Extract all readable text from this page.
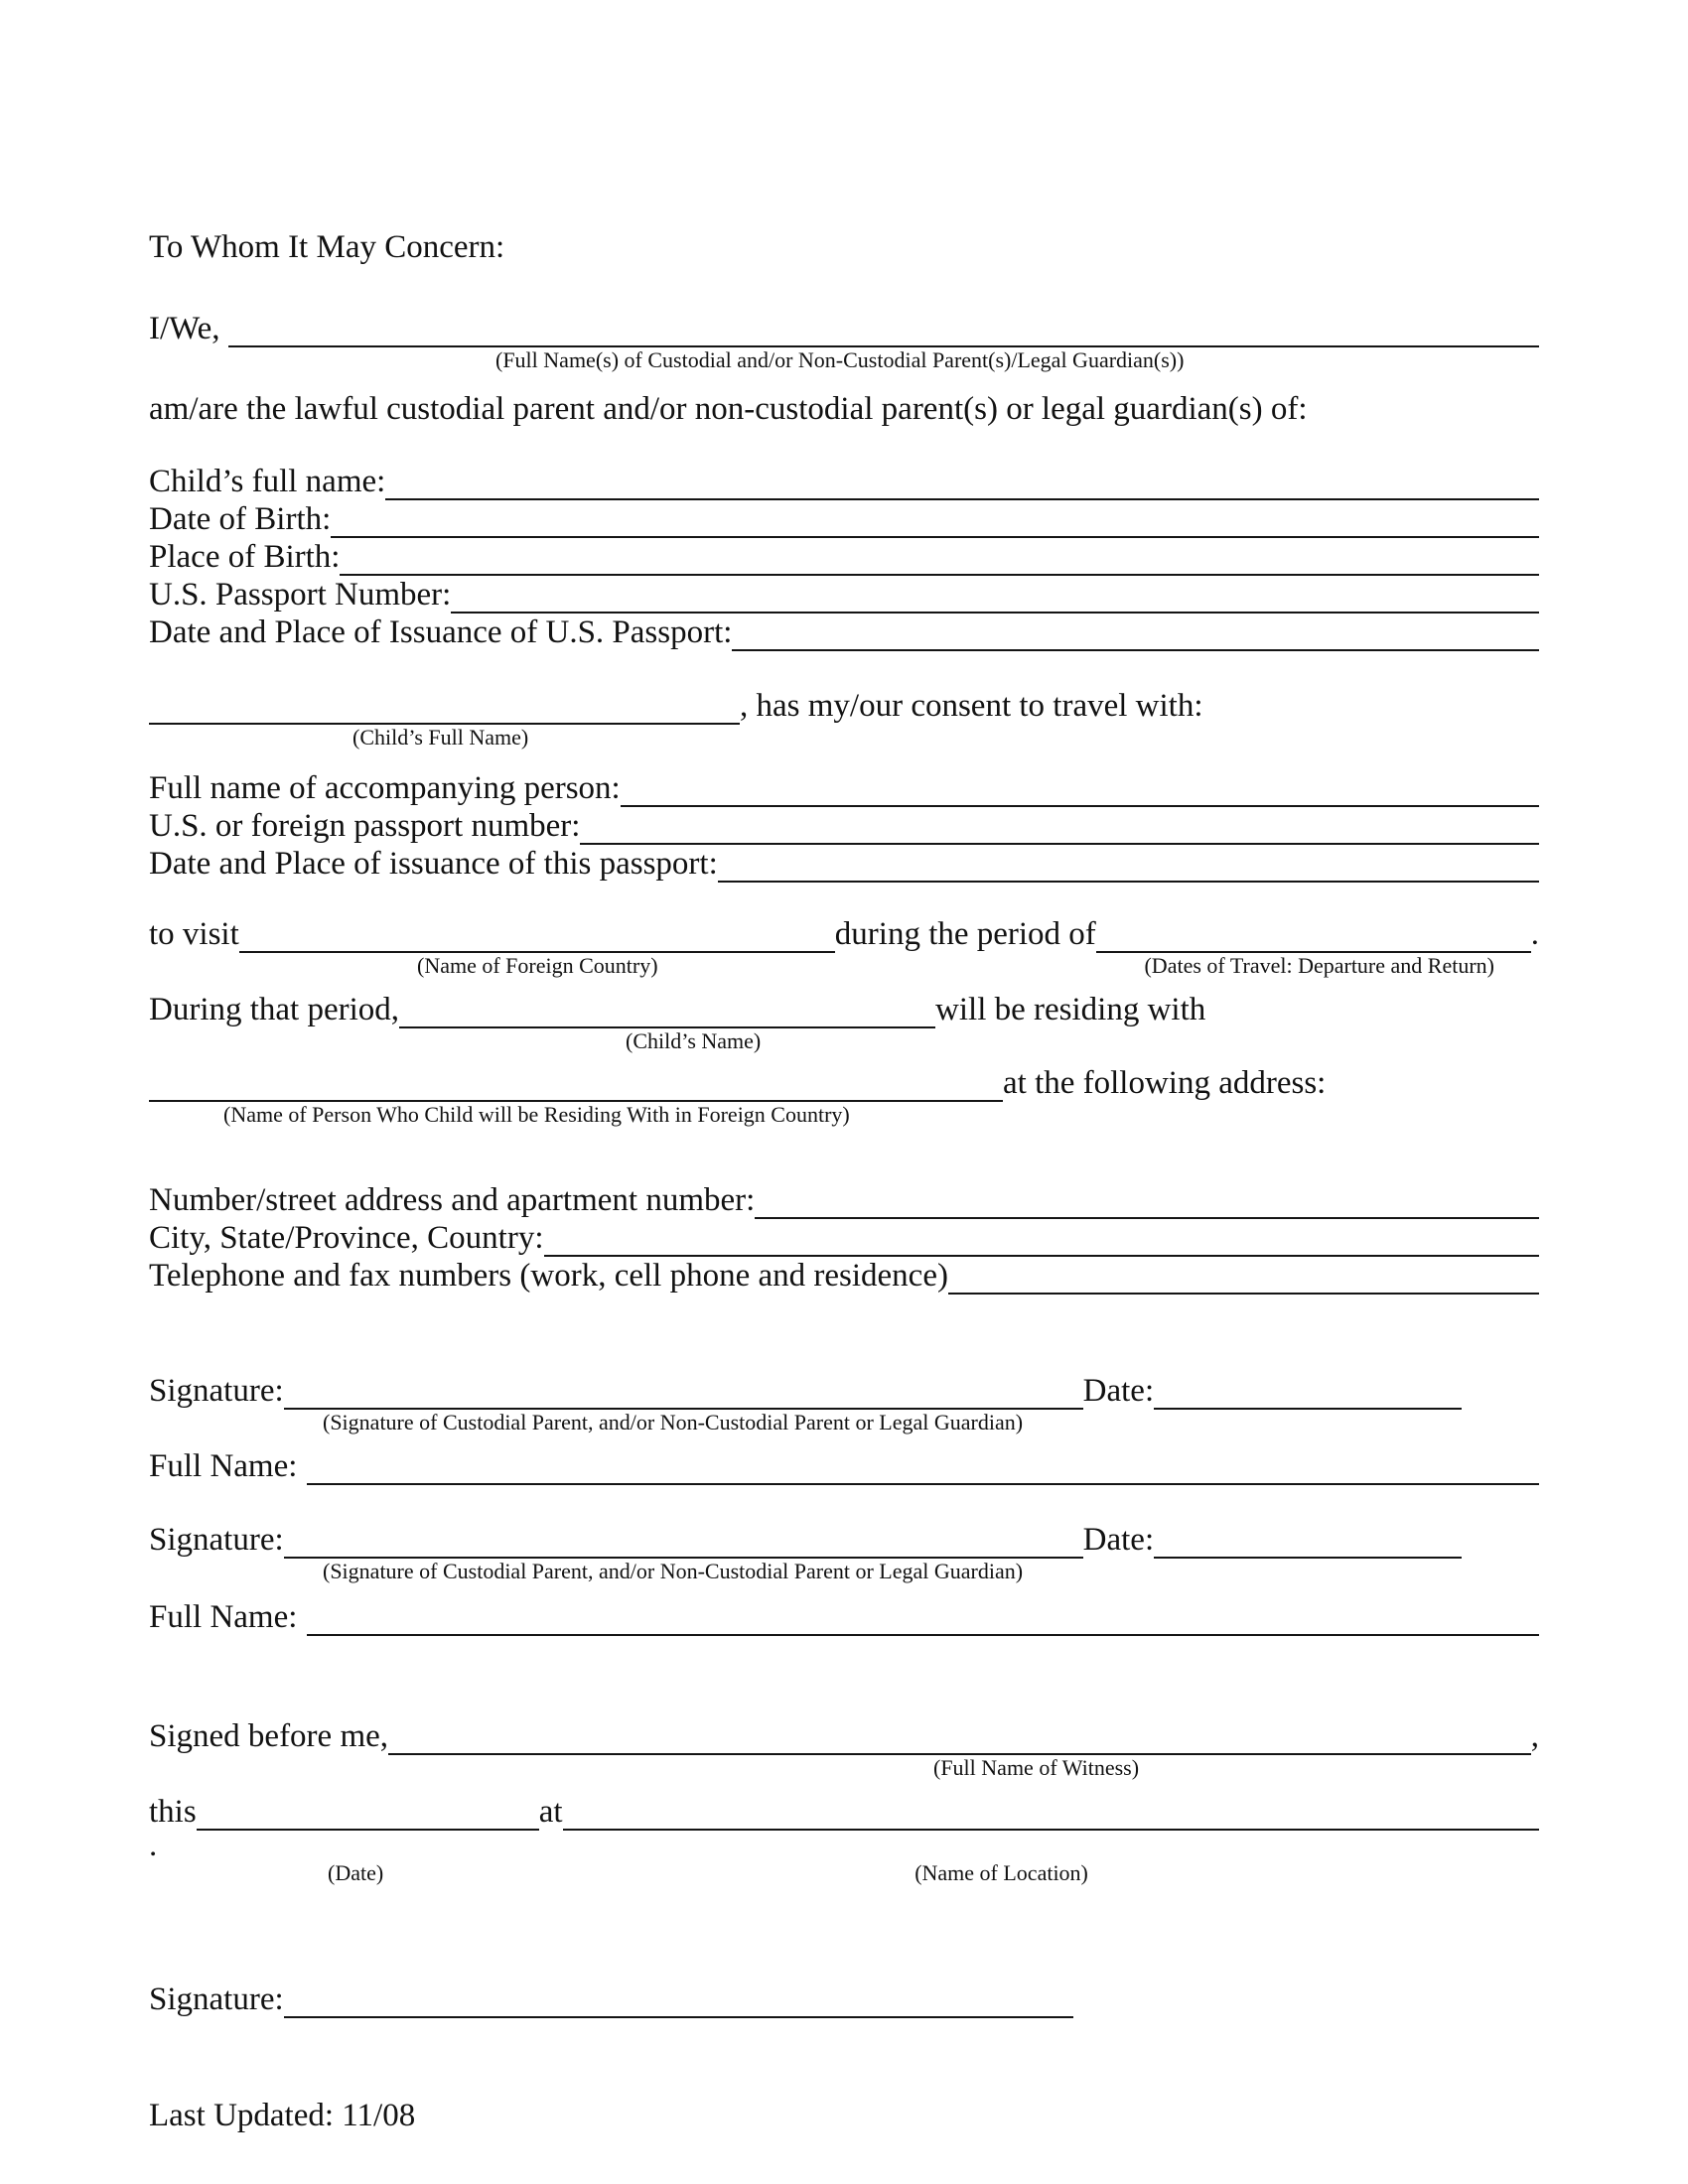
To Whom It May Concern:
I/We,
(Full Name(s) of Custodial and/or Non-Custodial Parent(s)/Legal Guardian(s))
am/are the lawful custodial parent and/or non-custodial parent(s) or legal guardian(s) of:
Child’s full name:
Date of Birth:
Place of Birth:
U.S. Passport Number:
Date and Place of Issuance of U.S. Passport:
, has my/our consent to travel with:
(Child’s Full Name)
Full name of accompanying person:
U.S. or foreign passport number:
Date and Place of issuance of this passport:
to visit	during the period of	.
(Name of Foreign Country)	(Dates of Travel: Departure and Return)
During that period,	will be residing with
(Child’s Name)
at the following address:
(Name of Person Who Child will be Residing With in Foreign Country)
Number/street address and apartment number:
City, State/Province, Country:
Telephone and fax numbers (work, cell phone and residence)
Signature:	Date:
(Signature of Custodial Parent, and/or Non-Custodial Parent or Legal Guardian)
Full Name:
Signature:	Date:
(Signature of Custodial Parent, and/or Non-Custodial Parent or Legal Guardian)
Full Name:
Signed before me,	,
(Full Name of Witness)
this	at
.
(Date)	(Name of Location)
Signature:
Last Updated: 11/08
